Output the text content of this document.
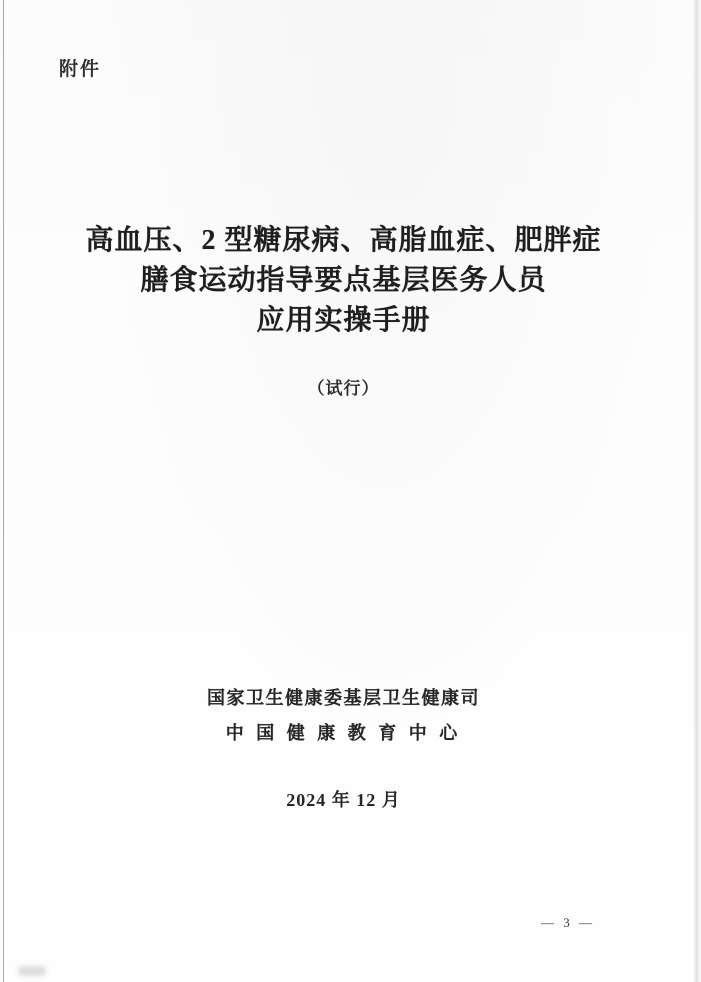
附件
高血压、2 型糖尿病、高脂血症、肥胖症
膳食运动指导要点基层医务人员
应用实操手册
（试行）
国家卫生健康委基层卫生健康司
中 国 健 康 教 育 中 心
2024 年 12 月
— 3 —
